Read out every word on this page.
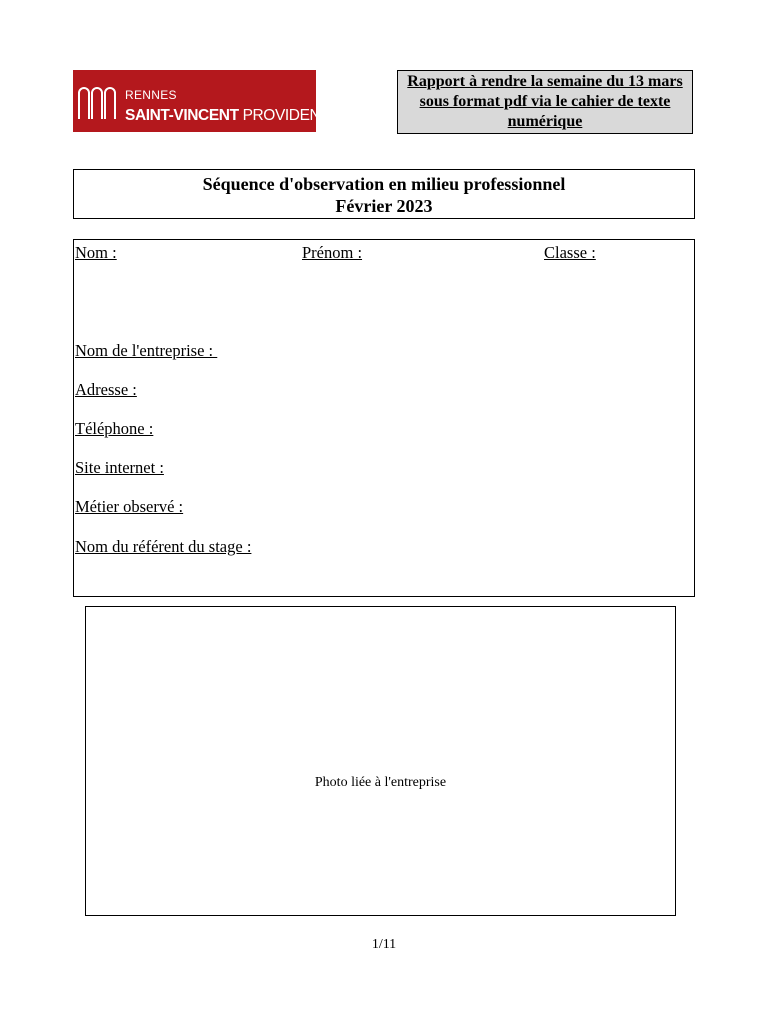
RENNES
SAINT-VINCENT PROVIDENCE
Rapport à rendre la semaine du 13 mars sous format pdf via le cahier de texte numérique
Séquence d'observation en milieu professionnel
Février 2023
Nom :	Prénom :	Classe :
Nom de l'entreprise :
Adresse :
Téléphone :
Site internet :
Métier observé :
Nom du référent du stage :
Photo liée à l'entreprise
1/11
